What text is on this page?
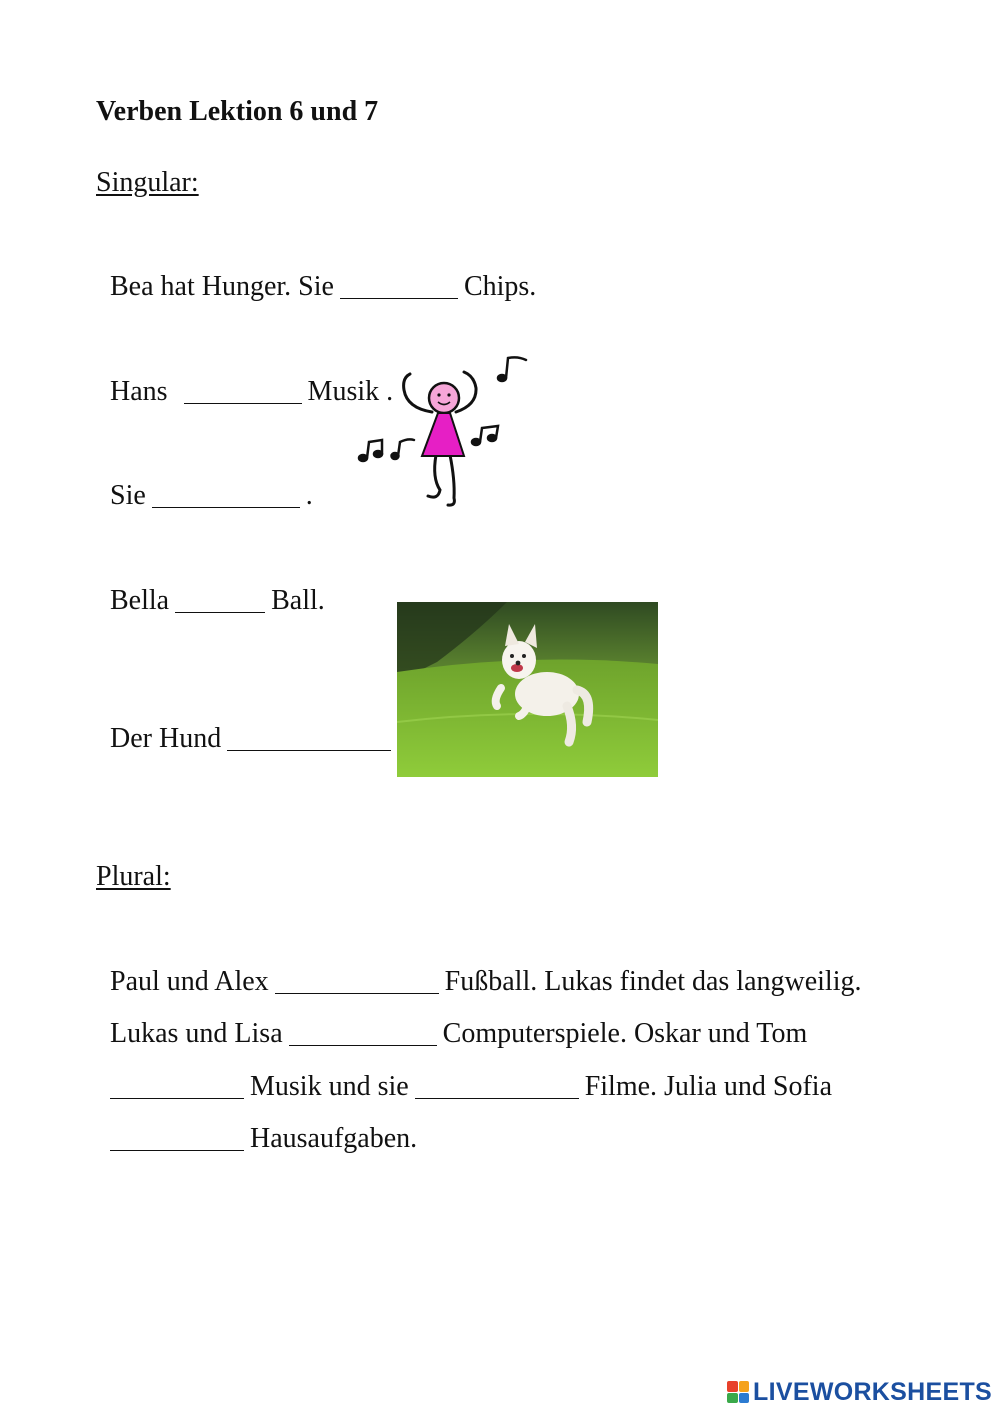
Verben Lektion 6 und 7
Singular:

Bea hat Hunger. Sie	Chips.

Hans	Musik .

Sie	.

Bella	Ball.

Der Hund

Plural:

Paul und Alex	Fußball. Lukas findet das langweilig.

Lukas und Lisa	Computerspiele. Oskar und Tom

Musik und sie	Filme. Julia und Sofia

Hausaufgaben.

LIVEWORKSHEETS
